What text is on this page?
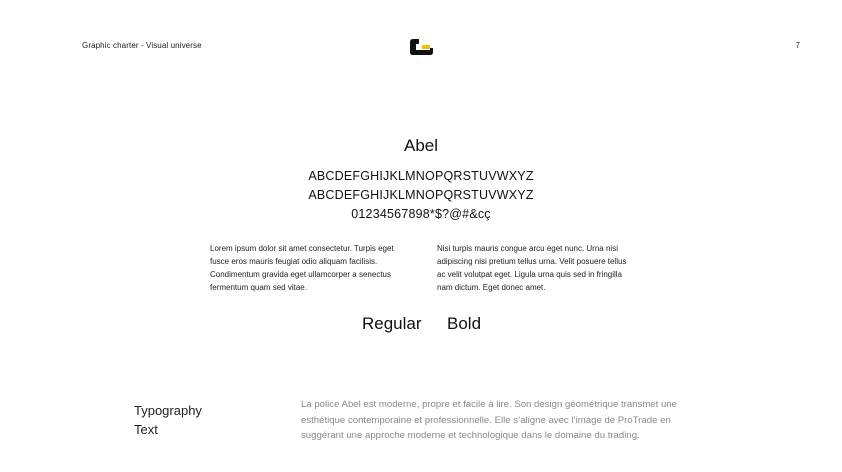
Graphic charter - Visual universe	7
Abel
ABCDEFGHIJKLMNOPQRSTUVWXYZ
ABCDEFGHIJKLMNOPQRSTUVWXYZ
01234567898*$?@#&cç
Lorem ipsum dolor sit amet consectetur. Turpis eget fusce eros mauris feugiat odio aliquam facilisis. Condimentum gravida eget ullamcorper a senectus fermentum quam sed vitae.
Nisi turpis mauris congue arcu eget nunc. Urna nisi adipiscing nisi pretium tellus urna. Velit posuere tellus ac velit volutpat eget. Ligula urna quis sed in fringilla nam dictum. Eget donec amet.
Regular Bold
Typography
Text
La police Abel est moderne, propre et facile à lire. Son design géométrique transmet une esthétique contemporaine et professionnelle. Elle s’aligne avec l’image de ProTrade en suggérant une approche moderne et technologique dans le domaine du trading.
